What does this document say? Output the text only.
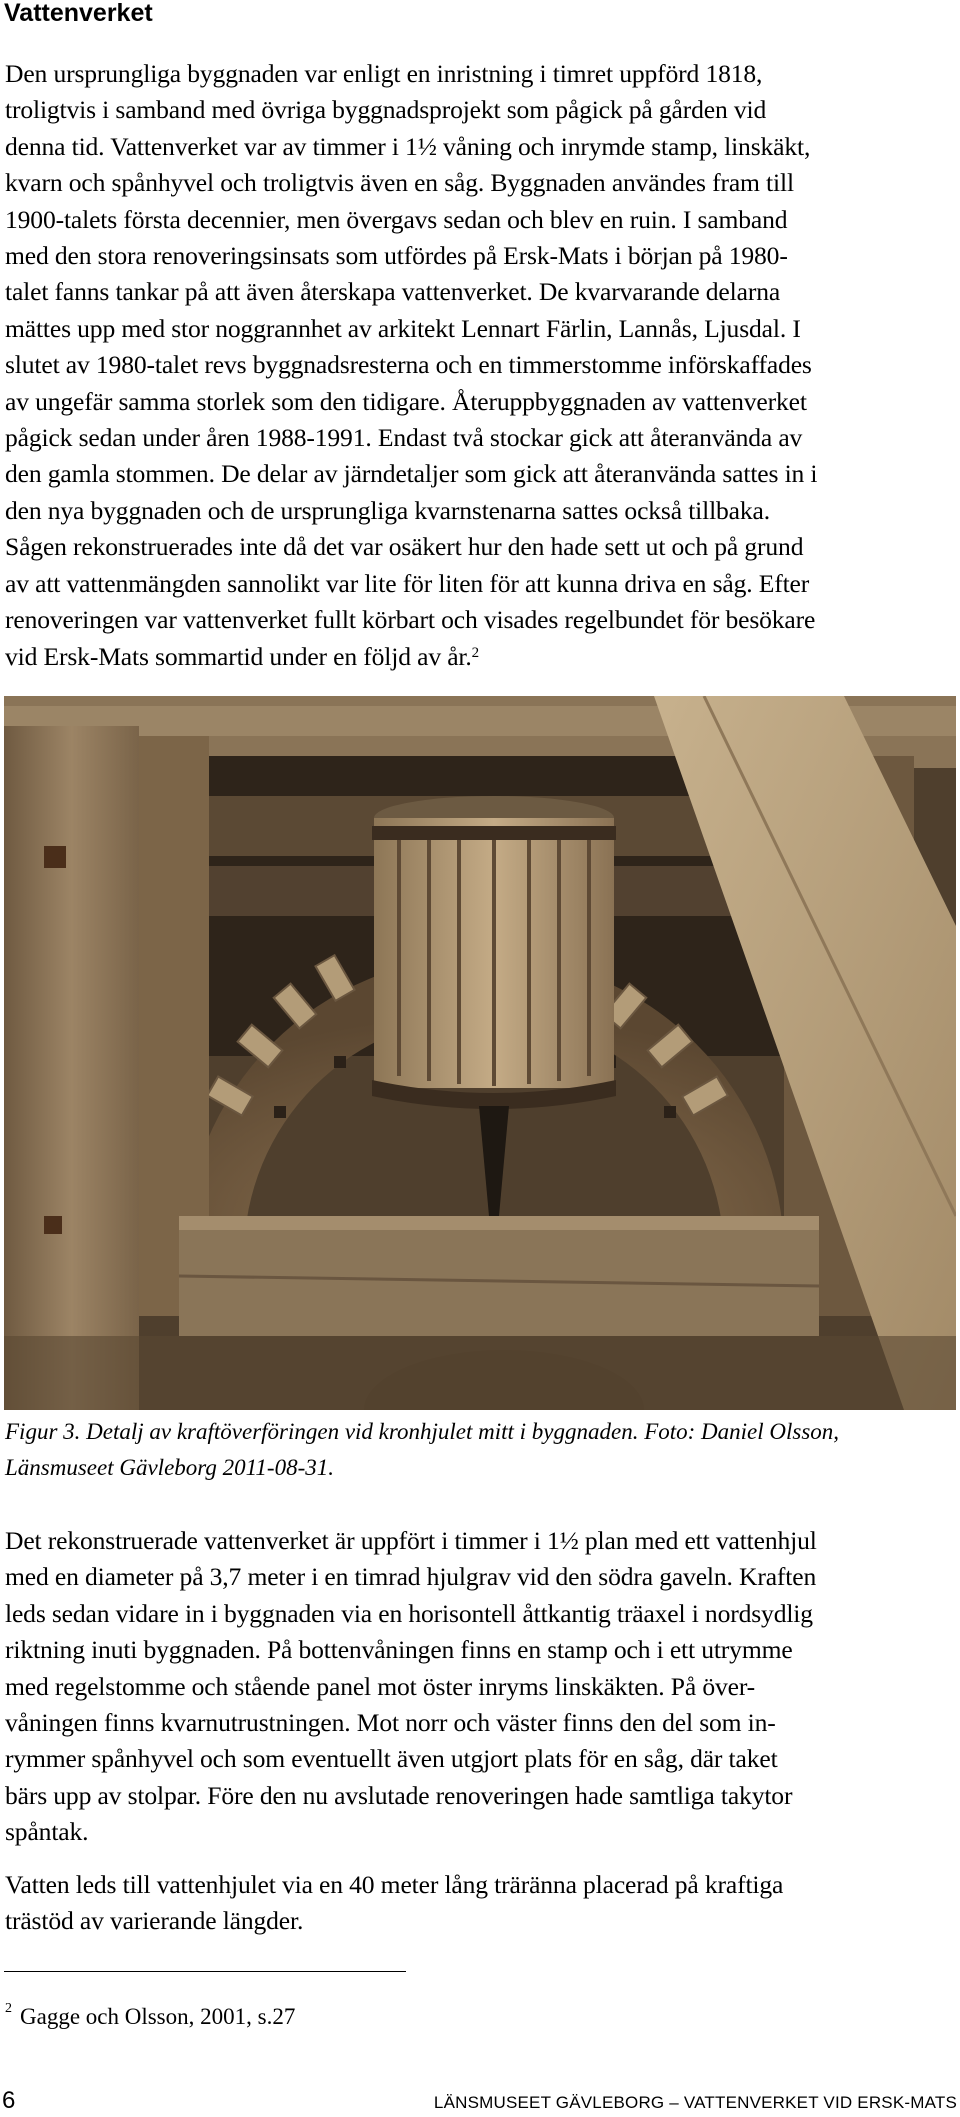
Vattenverket
Den ursprungliga byggnaden var enligt en inristning i timret uppförd 1818,
troligtvis i samband med övriga byggnadsprojekt som pågick på gården vid
denna tid. Vattenverket var av timmer i 1½ våning och inrymde stamp, linskäkt,
kvarn och spånhyvel och troligtvis även en såg. Byggnaden användes fram till
1900-talets första decennier, men övergavs sedan och blev en ruin. I samband
med den stora renoveringsinsats som utfördes på Ersk-Mats i början på 1980-
talet fanns tankar på att även återskapa vattenverket. De kvarvarande delarna
mättes upp med stor noggrannhet av arkitekt Lennart Färlin, Lannås, Ljusdal. I
slutet av 1980-talet revs byggnadsresterna och en timmerstomme införskaffades
av ungefär samma storlek som den tidigare. Återuppbyggnaden av vattenverket
pågick sedan under åren 1988-1991. Endast två stockar gick att återanvända av
den gamla stommen. De delar av järndetaljer som gick att återanvända sattes in i
den nya byggnaden och de ursprungliga kvarnstenarna sattes också tillbaka.
Sågen rekonstruerades inte då det var osäkert hur den hade sett ut och på grund
av att vattenmängden sannolikt var lite för liten för att kunna driva en såg. Efter
renoveringen var vattenverket fullt körbart och visades regelbundet för besökare
vid Ersk-Mats sommartid under en följd av år.$^2$
Figur 3. Detalj av kraftöverföringen vid kronhjulet mitt i byggnaden. Foto: Daniel Olsson,
Länsmuseet Gävleborg 2011-08-31.
Det rekonstruerade vattenverket är uppfört i timmer i 1½ plan med ett vattenhjul
med en diameter på 3,7 meter i en timrad hjulgrav vid den södra gaveln. Kraften
leds sedan vidare in i byggnaden via en horisontell åttkantig träaxel i nordsydlig
riktning inuti byggnaden. På bottenvåningen finns en stamp och i ett utrymme
med regelstomme och stående panel mot öster inryms linskäkten. På över-
våningen finns kvarnutrustningen. Mot norr och väster finns den del som in-
rymmer spånhyvel och som eventuellt även utgjort plats för en såg, där taket
bärs upp av stolpar. Före den nu avslutade renoveringen hade samtliga takytor
spåntak.
Vatten leds till vattenhjulet via en 40 meter lång träränna placerad på kraftiga
trästöd av varierande längder.
$^2$ Gagge och Olsson, 2001, s.27
6	LÄNSMUSEET GÄVLEBORG – VATTENVERKET VID ERSK-MATS
